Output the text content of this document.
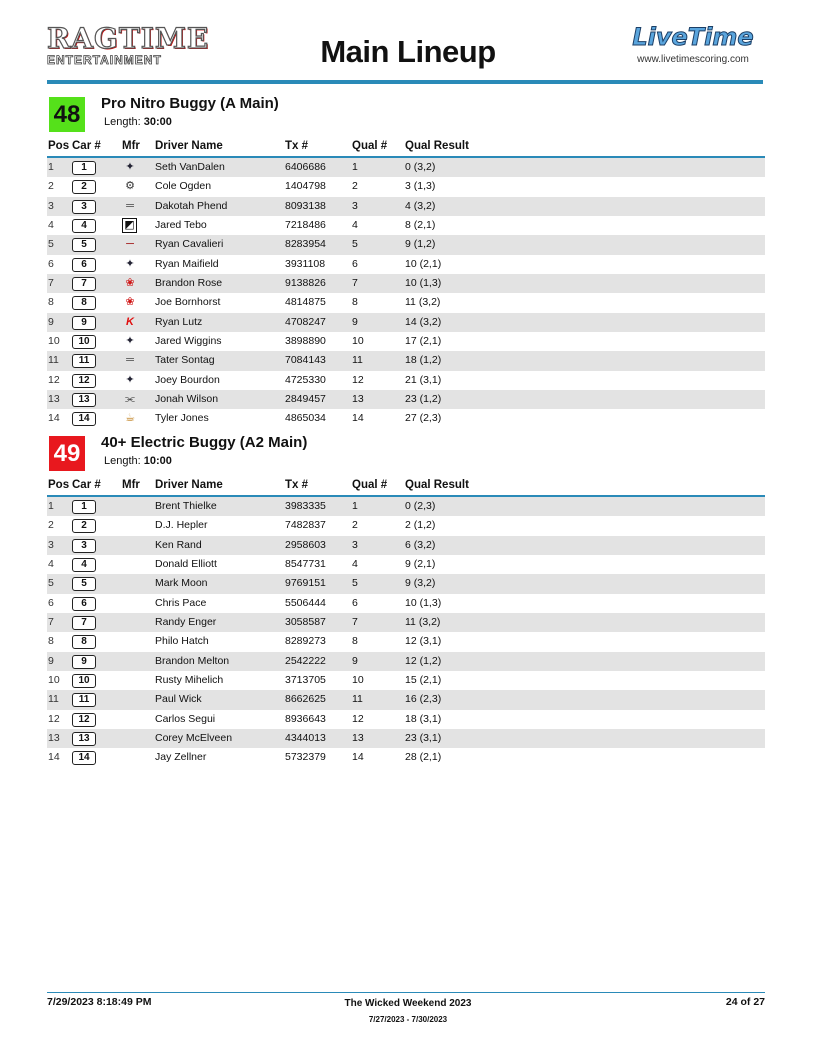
RAGTIME
ENTERTAINMENT	Main Lineup	LiveTime
www.livetimescoring.com
48	Pro Nitro Buggy (A Main)
Length: 30:00
Pos Car # Mfr Driver Name	Tx #	Qual # Qual Result
1	1	✦	Seth VanDalen	6406686 1	0 (3,2)
2	2	⚙ Cole Ogden	1404798 2	3 (1,3)
3	3	═	Dakotah Phend	8093138 3	4 (3,2)
4	4	◩ Jared Tebo	7218486 4	8 (2,1)
5	5	─	Ryan Cavalieri	8283954 5	9 (1,2)
6	6	✦	Ryan Maifield	3931108	6	10 (2,1)
7	7	❀	Brandon Rose	9138826 7	10 (1,3)
8	8	❀	Joe Bornhorst	4814875 8	11 (3,2)
9	9	K	Ryan Lutz	4708247 9	14 (3,2)
10	10	✦	Jared Wiggins	3898890 10	17 (2,1)
11	11	═	Tater Sontag	7084143 11	18 (1,2)
12	12	✦	Joey Bourdon	4725330 12	21 (3,1)
13	13	⫘ Jonah Wilson	2849457 13	23 (1,2)
14	14	☕ Tyler Jones	4865034 14	27 (2,3)
49	40+ Electric Buggy (A2 Main)
Length: 10:00
Pos Car # Mfr Driver Name	Tx #	Qual # Qual Result
1	1	Brent Thielke	3983335 1	0 (2,3)
2	2	D.J. Hepler	7482837 2	2 (1,2)
3	3	Ken Rand	2958603 3	6 (3,2)
4	4	Donald Elliott	8547731 4	9 (2,1)
5	5	Mark Moon	9769151 5	9 (3,2)
6	6	Chris Pace	5506444 6	10 (1,3)
7	7	Randy Enger	3058587 7	11 (3,2)
8	8	Philo Hatch	8289273 8	12 (3,1)
9	9	Brandon Melton	2542222 9	12 (1,2)
10	10	Rusty Mihelich	3713705 10	15 (2,1)
11	11	Paul Wick	8662625 11	16 (2,3)
12	12	Carlos Segui	8936643 12	18 (3,1)
13	13	Corey McElveen	4344013 13	23 (3,1)
14	14	Jay Zellner	5732379 14	28 (2,1)
7/29/2023 8:18:49 PM	The Wicked Weekend 2023
7/27/2023 - 7/30/2023
24 of 27
